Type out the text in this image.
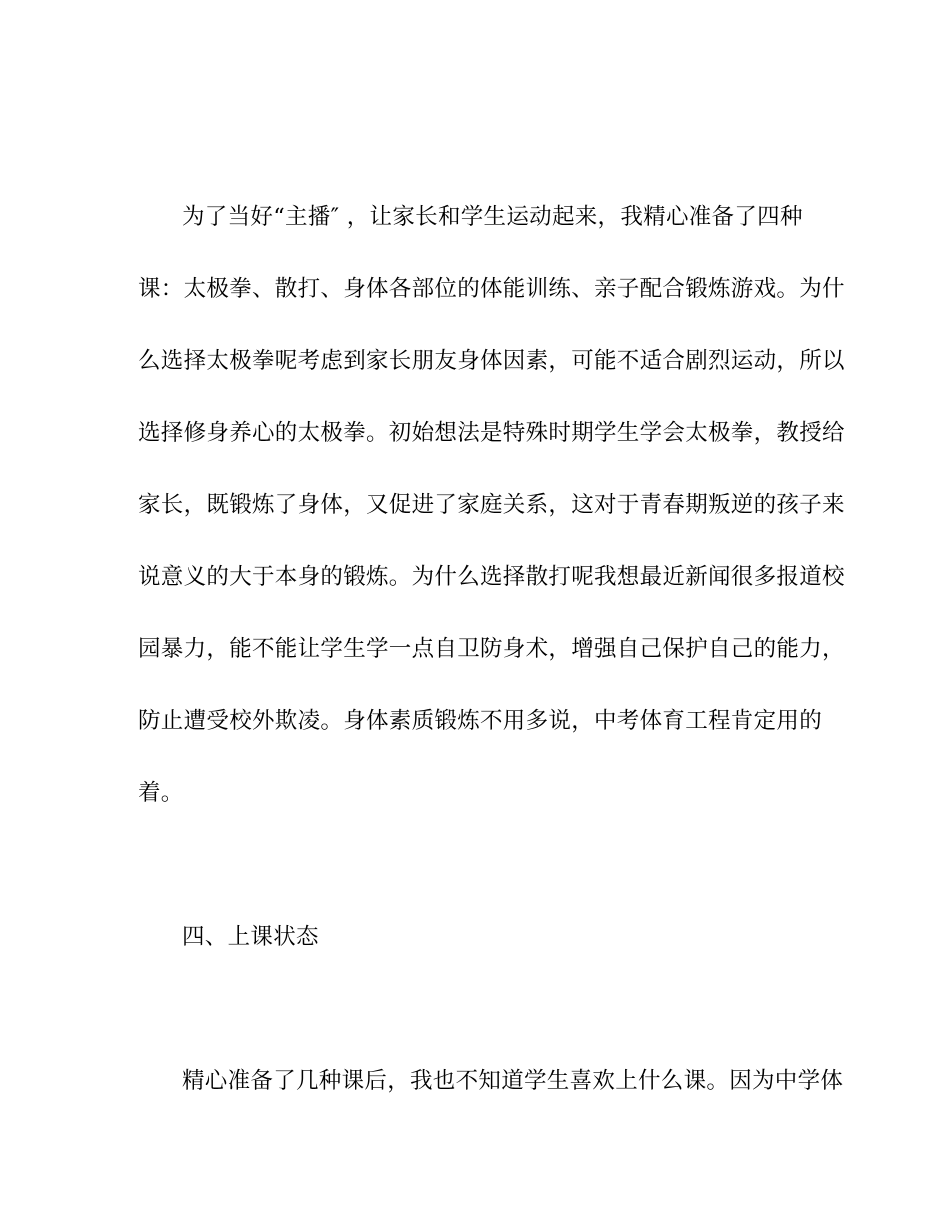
为了当好“主播″ ，让家长和学生运动起来，我精心准备了四种

课：太极拳、散打、身体各部位的体能训练、亲子配合锻炼游戏。为什

么选择太极拳呢考虑到家长朋友身体因素，可能不适合剧烈运动，所以

选择修身养心的太极拳。初始想法是特殊时期学生学会太极拳，教授给

家长，既锻炼了身体，又促进了家庭关系，这对于青春期叛逆的孩子来

说意义的大于本身的锻炼。为什么选择散打呢我想最近新闻很多报道校

园暴力，能不能让学生学一点自卫防身术，增强自己保护自己的能力，

防止遭受校外欺凌。身体素质锻炼不用多说，中考体育工程肯定用的

着。

四、上课状态

精心准备了几种课后，我也不知道学生喜欢上什么课。因为中学体
